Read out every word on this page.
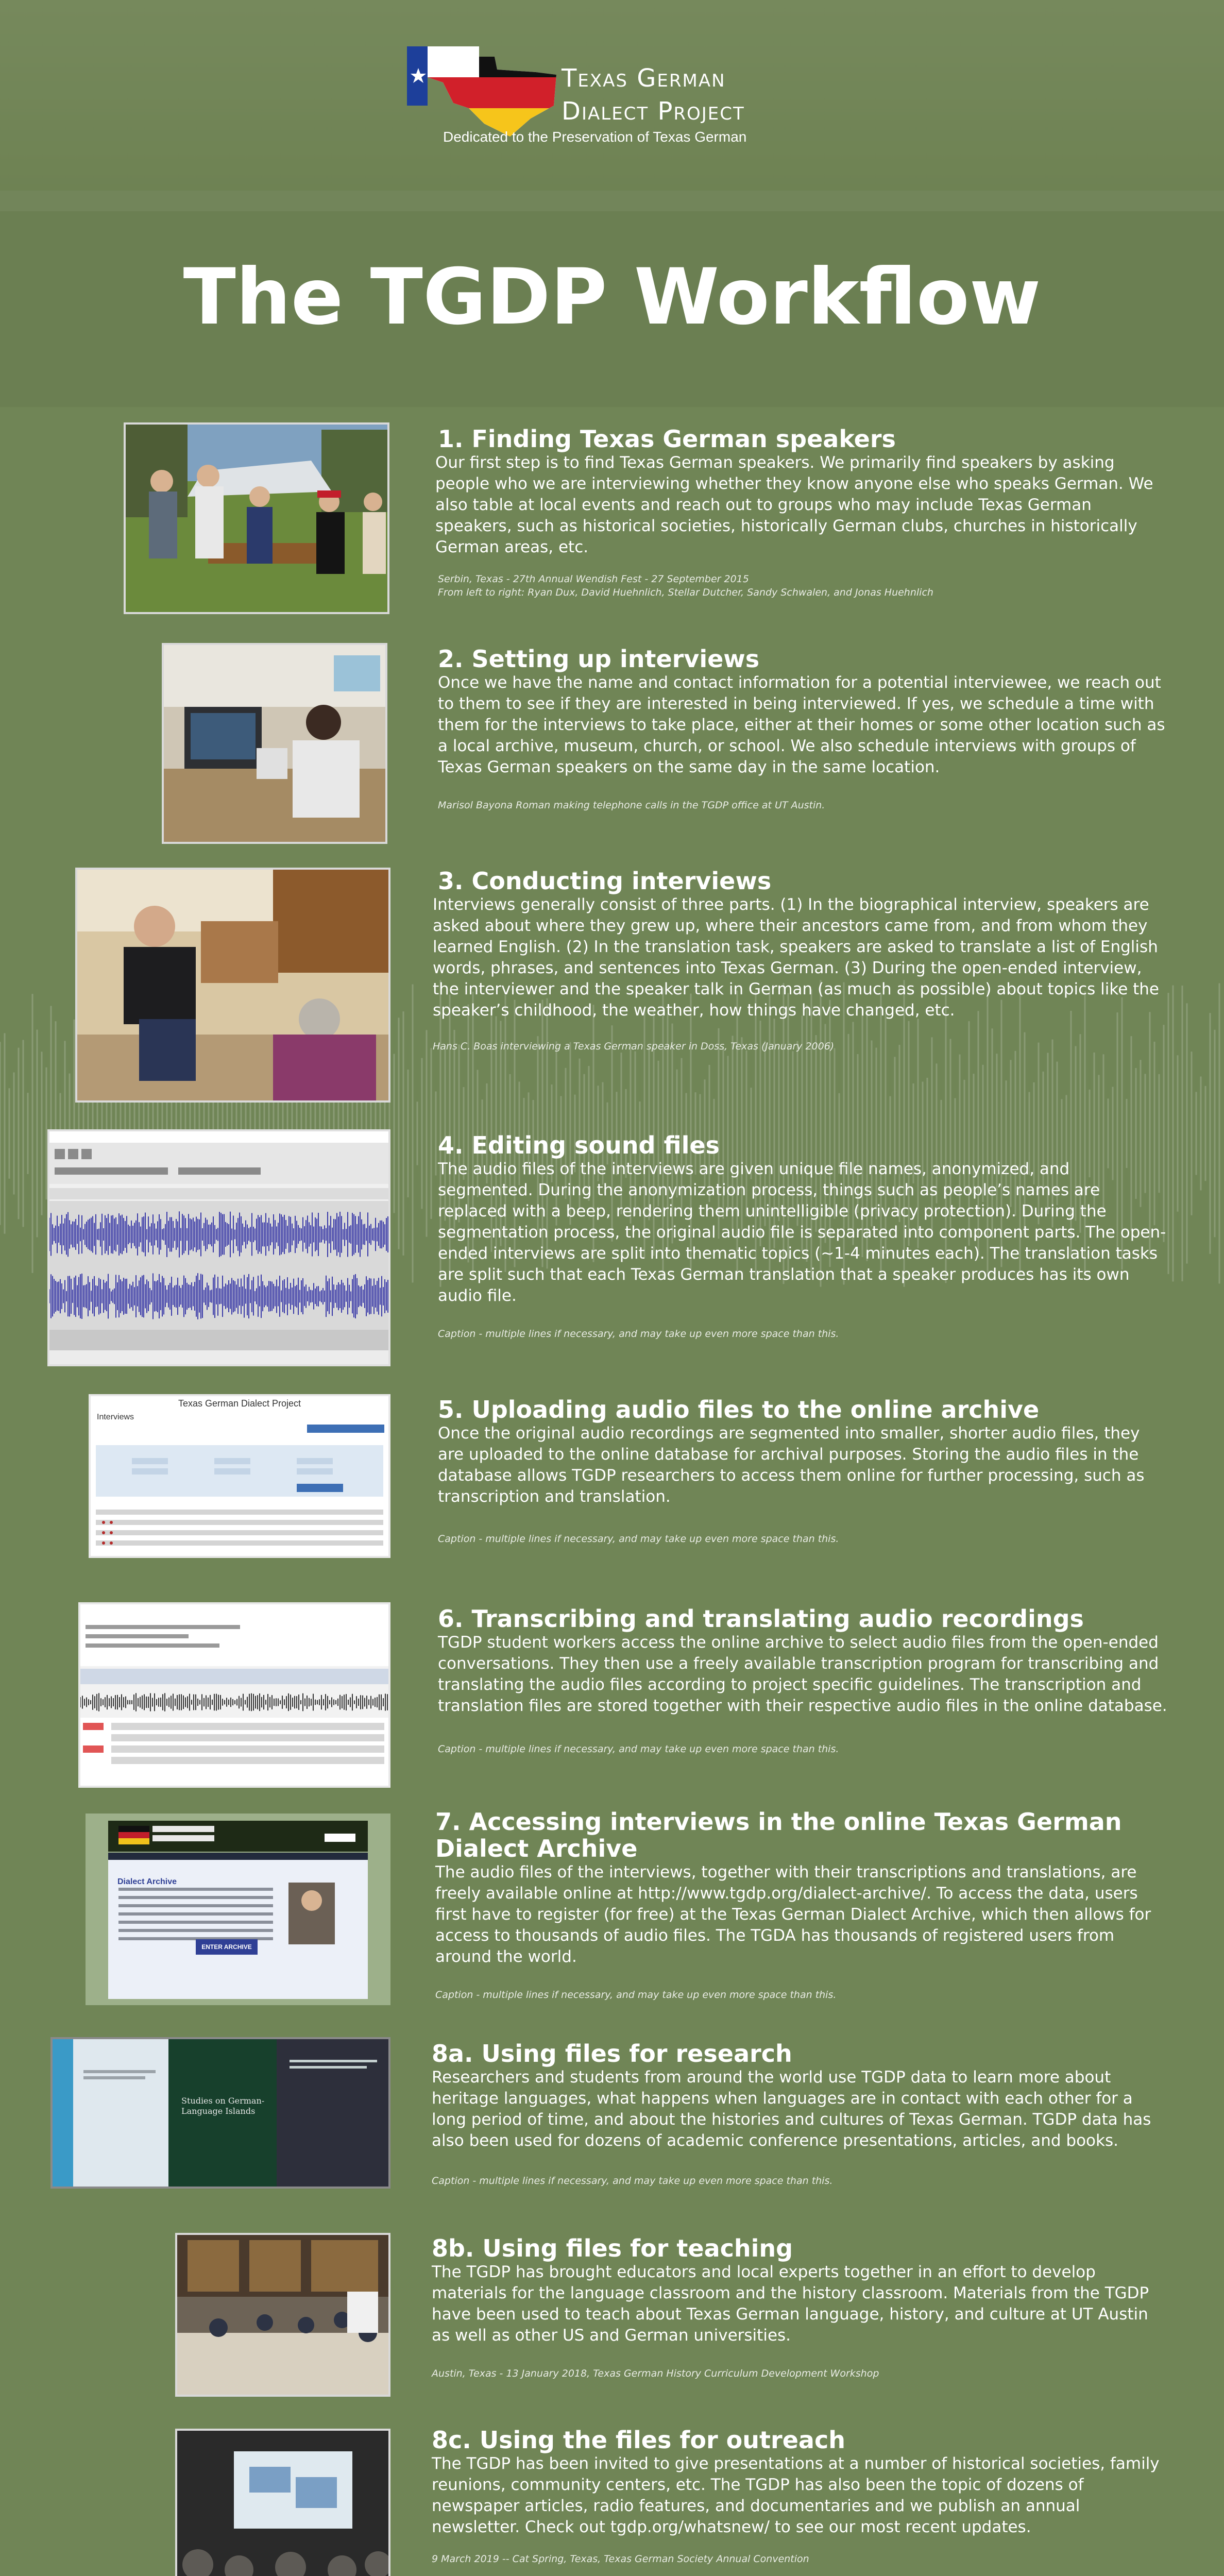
Texas German
Dialect Project
Dedicated to the Preservation of Texas German
The TGDP Workflow
1. Finding Texas German speakers

Our first step is to find Texas German speakers. We primarily find speakers by asking people who we are interviewing whether they know anyone else who speaks German. We also table at local events and reach out to groups who may include Texas German speakers, such as historical societies, historically German clubs, churches in historically German areas, etc.

Serbin, Texas - 27th Annual Wendish Fest - 27 September 2015
From left to right: Ryan Dux, David Huehnlich, Stellar Dutcher, Sandy Schwalen, and Jonas Huehnlich

2. Setting up interviews

Once we have the name and contact information for a potential interviewee, we reach out to them to see if they are interested in being interviewed. If yes, we schedule a time with them for the interviews to take place, either at their homes or some other location such as a local archive, museum, church, or school. We also schedule interviews with groups of Texas German speakers on the same day in the same location.

Marisol Bayona Roman making telephone calls in the TGDP office at UT Austin.

3. Conducting interviews

Interviews generally consist of three parts. (1) In the biographical interview, speakers are asked about where they grew up, where their ancestors came from, and from whom they learned English. (2) In the translation task, speakers are asked to translate a list of English words, phrases, and sentences into Texas German. (3) During the open-ended interview, the interviewer and the speaker talk in German (as much as possible) about topics like the speaker’s childhood, the weather, how things have changed, etc.

Hans C. Boas interviewing a Texas German speaker in Doss, Texas (January 2006)

4. Editing sound files

The audio files of the interviews are given unique file names, anonymized, and segmented. During the anonymization process, things such as people’s names are replaced with a beep, rendering them unintelligible (privacy protection). During the segmentation process, the original audio file is separated into component parts. The open-ended interviews are split into thematic topics (~1-4 minutes each). The translation tasks are split such that each Texas German translation that a speaker produces has its own audio file.

Caption - multiple lines if necessary, and may take up even more space than this.

Texas German Dialect Project
Interviews	5. Uploading audio files to the online archive

Once the original audio recordings are segmented into smaller, shorter audio files, they are uploaded to the online database for archival purposes. Storing the audio files in the database allows TGDP researchers to access them online for further processing, such as transcription and translation.

Caption - multiple lines if necessary, and may take up even more space than this.

6. Transcribing and translating audio recordings

TGDP student workers access the online archive to select audio files from the open-ended conversations. They then use a freely available transcription program for transcribing and translating the audio files according to project specific guidelines. The transcription and translation files are stored together with their respective audio files in the online database.

Caption - multiple lines if necessary, and may take up even more space than this.

Dialect Archive
ENTER ARCHIVE
7. Accessing interviews in the online Texas German Dialect Archive

The audio files of the interviews, together with their transcriptions and translations, are freely available online at http://www.tgdp.org/dialect-archive/. To access the data, users first have to register (for free) at the Texas German Dialect Archive, which then allows for access to thousands of audio files. The TGDA has thousands of registered users from around the world.

Caption - multiple lines if necessary, and may take up even more space than this.

Studies on German-Language Islands
8a. Using files for research

Researchers and students from around the world use TGDP data to learn more about heritage languages, what happens when languages are in contact with each other for a long period of time, and about the histories and cultures of Texas German. TGDP data has also been used for dozens of academic conference presentations, articles, and books.

Caption - multiple lines if necessary, and may take up even more space than this.

8b. Using files for teaching

The TGDP has brought educators and local experts together in an effort to develop materials for the language classroom and the history classroom. Materials from the TGDP have been used to teach about Texas German language, history, and culture at UT Austin as well as other US and German universities.

Austin, Texas - 13 January 2018, Texas German History Curriculum Development Workshop

8c. Using the files for outreach

The TGDP has been invited to give presentations at a number of historical societies, family reunions, community centers, etc. The TGDP has also been the topic of dozens of newspaper articles, radio features, and documentaries and we publish an annual newsletter. Check out tgdp.org/whatsnew/ to see our most recent updates.

9 March 2019 -- Cat Spring, Texas, Texas German Society Annual Convention
